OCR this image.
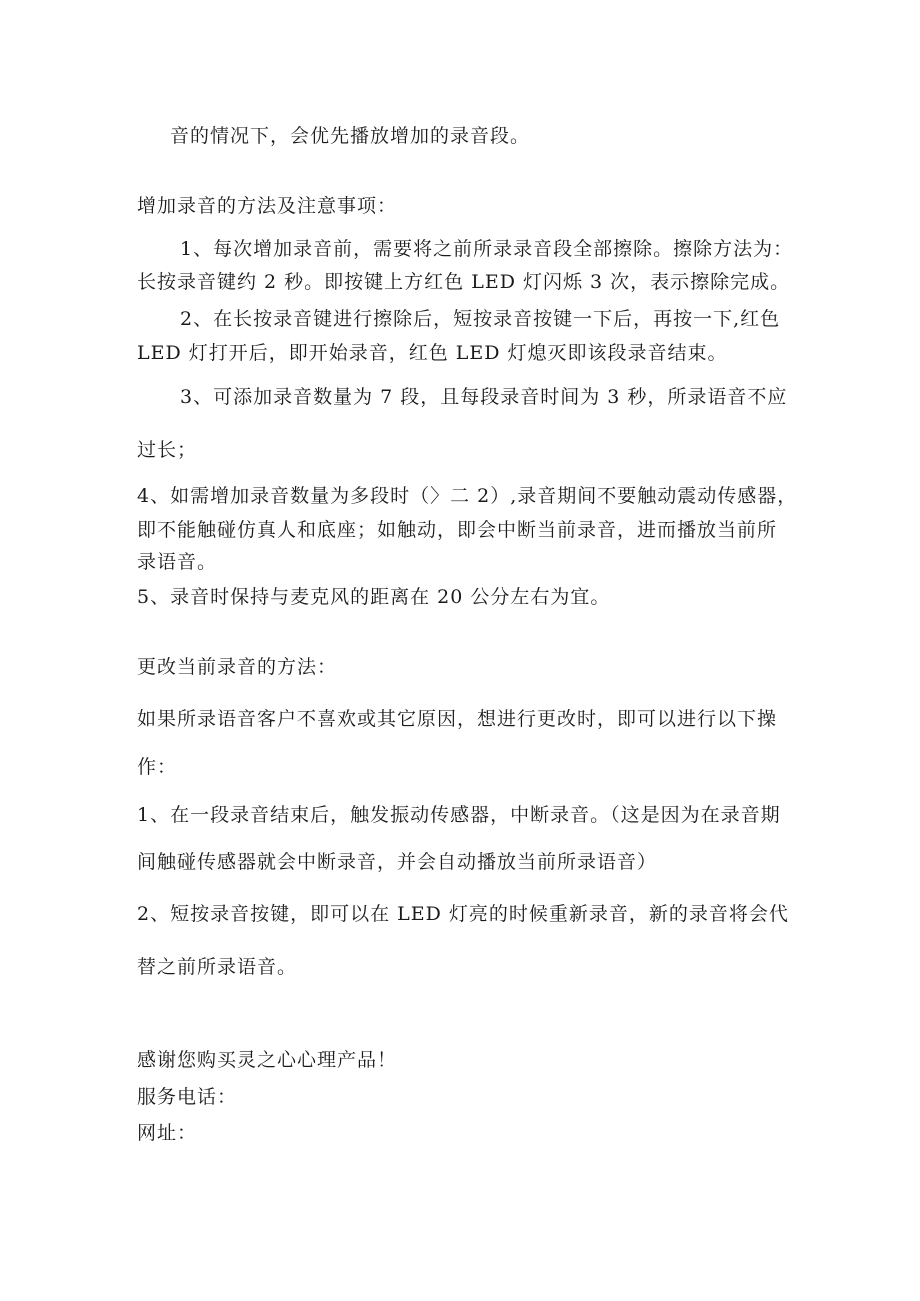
音的情况下，会优先播放增加的录音段。

增加录音的方法及注意事项：

1、每次增加录音前，需要将之前所录录音段全部擦除。擦除方法为：

长按录音键约 2 秒。即按键上方红色 LED 灯闪烁 3 次，表示擦除完成。

2、在长按录音键进行擦除后，短按录音按键一下后，再按一下,红色

LED 灯打开后，即开始录音，红色 LED 灯熄灭即该段录音结束。

3、可添加录音数量为 7 段，且每段录音时间为 3 秒，所录语音不应

过长；

4、如需增加录音数量为多段时（〉二 2）,录音期间不要触动震动传感器，

即不能触碰仿真人和底座；如触动，即会中断当前录音，进而播放当前所

录语音。

5、录音时保持与麦克风的距离在 20 公分左右为宜。

更改当前录音的方法：

如果所录语音客户不喜欢或其它原因，想进行更改时，即可以进行以下操

作：

1、在一段录音结束后，触发振动传感器，中断录音。（这是因为在录音期

间触碰传感器就会中断录音，并会自动播放当前所录语音）

2、短按录音按键，即可以在 LED 灯亮的时候重新录音，新的录音将会代

替之前所录语音。

感谢您购买灵之心心理产品！

服务电话：

网址：
